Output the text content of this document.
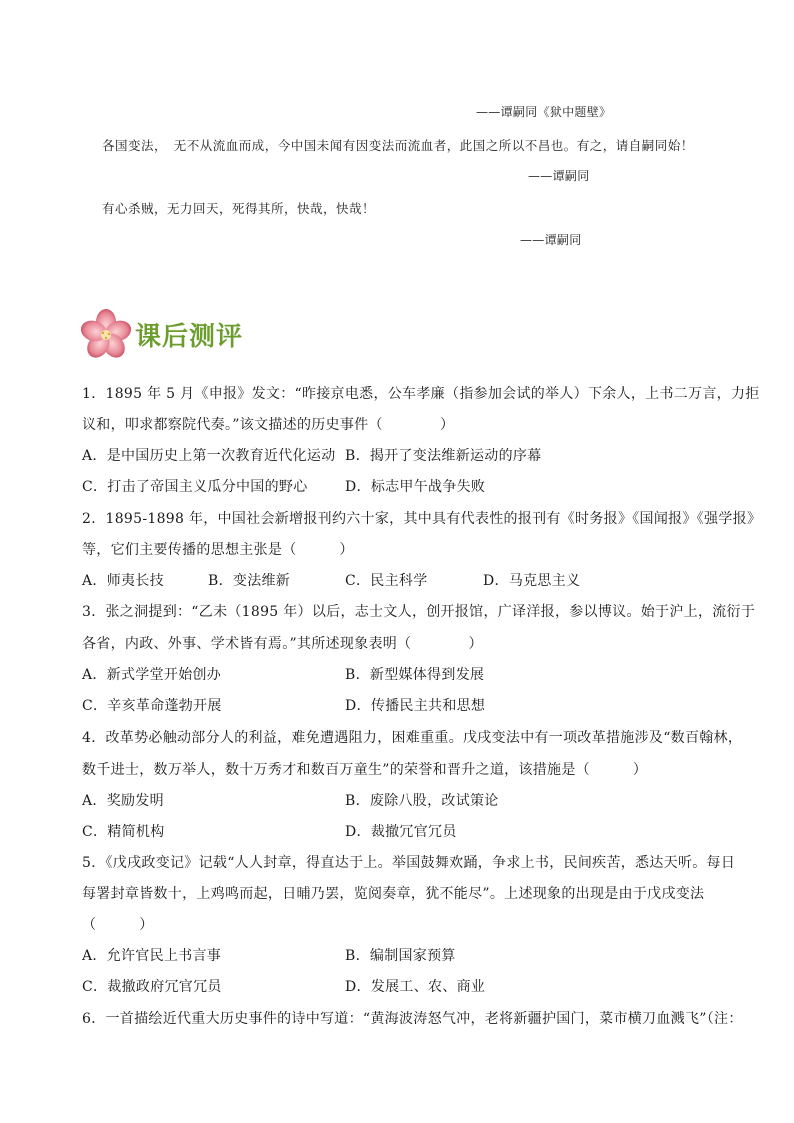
——谭嗣同《狱中题壁》
各国变法，　无不从流血而成，今中国未闻有因变法而流血者，此国之所以不昌也。有之，请自嗣同始！
——谭嗣同
有心杀贼，无力回天，死得其所，快哉，快哉！
——谭嗣同
课后测评
1．1895 年 5 月《申报》发文：“昨接京电悉，公车孝廉（指参加会试的举人）下余人，上书二万言，力拒
议和，叩求都察院代奏。”该文描述的历史事件（　　　　）
A．是中国历史上第一次教育近代化运动 B．揭开了变法维新运动的序幕
C．打击了帝国主义瓜分中国的野心	D．标志甲午战争失败
2．1895-1898 年，中国社会新增报刊约六十家，其中具有代表性的报刊有《时务报》《国闻报》《强学报》
等，它们主要传播的思想主张是（　　　）
A．师夷长技	B．变法维新	C．民主科学	D．马克思主义
3．张之洞提到：“乙未（1895 年）以后，志士文人，创开报馆，广译洋报，参以博议。始于沪上，流衍于
各省，内政、外事、学术皆有焉。”其所述现象表明（　　　　）
A．新式学堂开始创办	B．新型媒体得到发展
C．辛亥革命蓬勃开展	D．传播民主共和思想
4．改革势必触动部分人的利益，难免遭遇阻力，困难重重。戊戌变法中有一项改革措施涉及“数百翰林，
数千进士，数万举人，数十万秀才和数百万童生”的荣誉和晋升之道，该措施是（　　　）
A．奖励发明	B．废除八股，改试策论
C．精简机构	D．裁撤冗官冗员
5．《戊戌政变记》记载“人人封章，得直达于上。举国鼓舞欢踊，争求上书，民间疾苦，悉达天听。每日
每署封章皆数十，上鸡鸣而起，日晡乃罢，览阅奏章，犹不能尽”。上述现象的出现是由于戊戌变法
（　　　）
A．允许官民上书言事	B．编制国家预算
C．裁撤政府冗官冗员	D．发展工、农、商业
6．一首描绘近代重大历史事件的诗中写道：“黄海波涛怒气冲，老将新疆护国门，菜市横刀血溅飞”（注：
